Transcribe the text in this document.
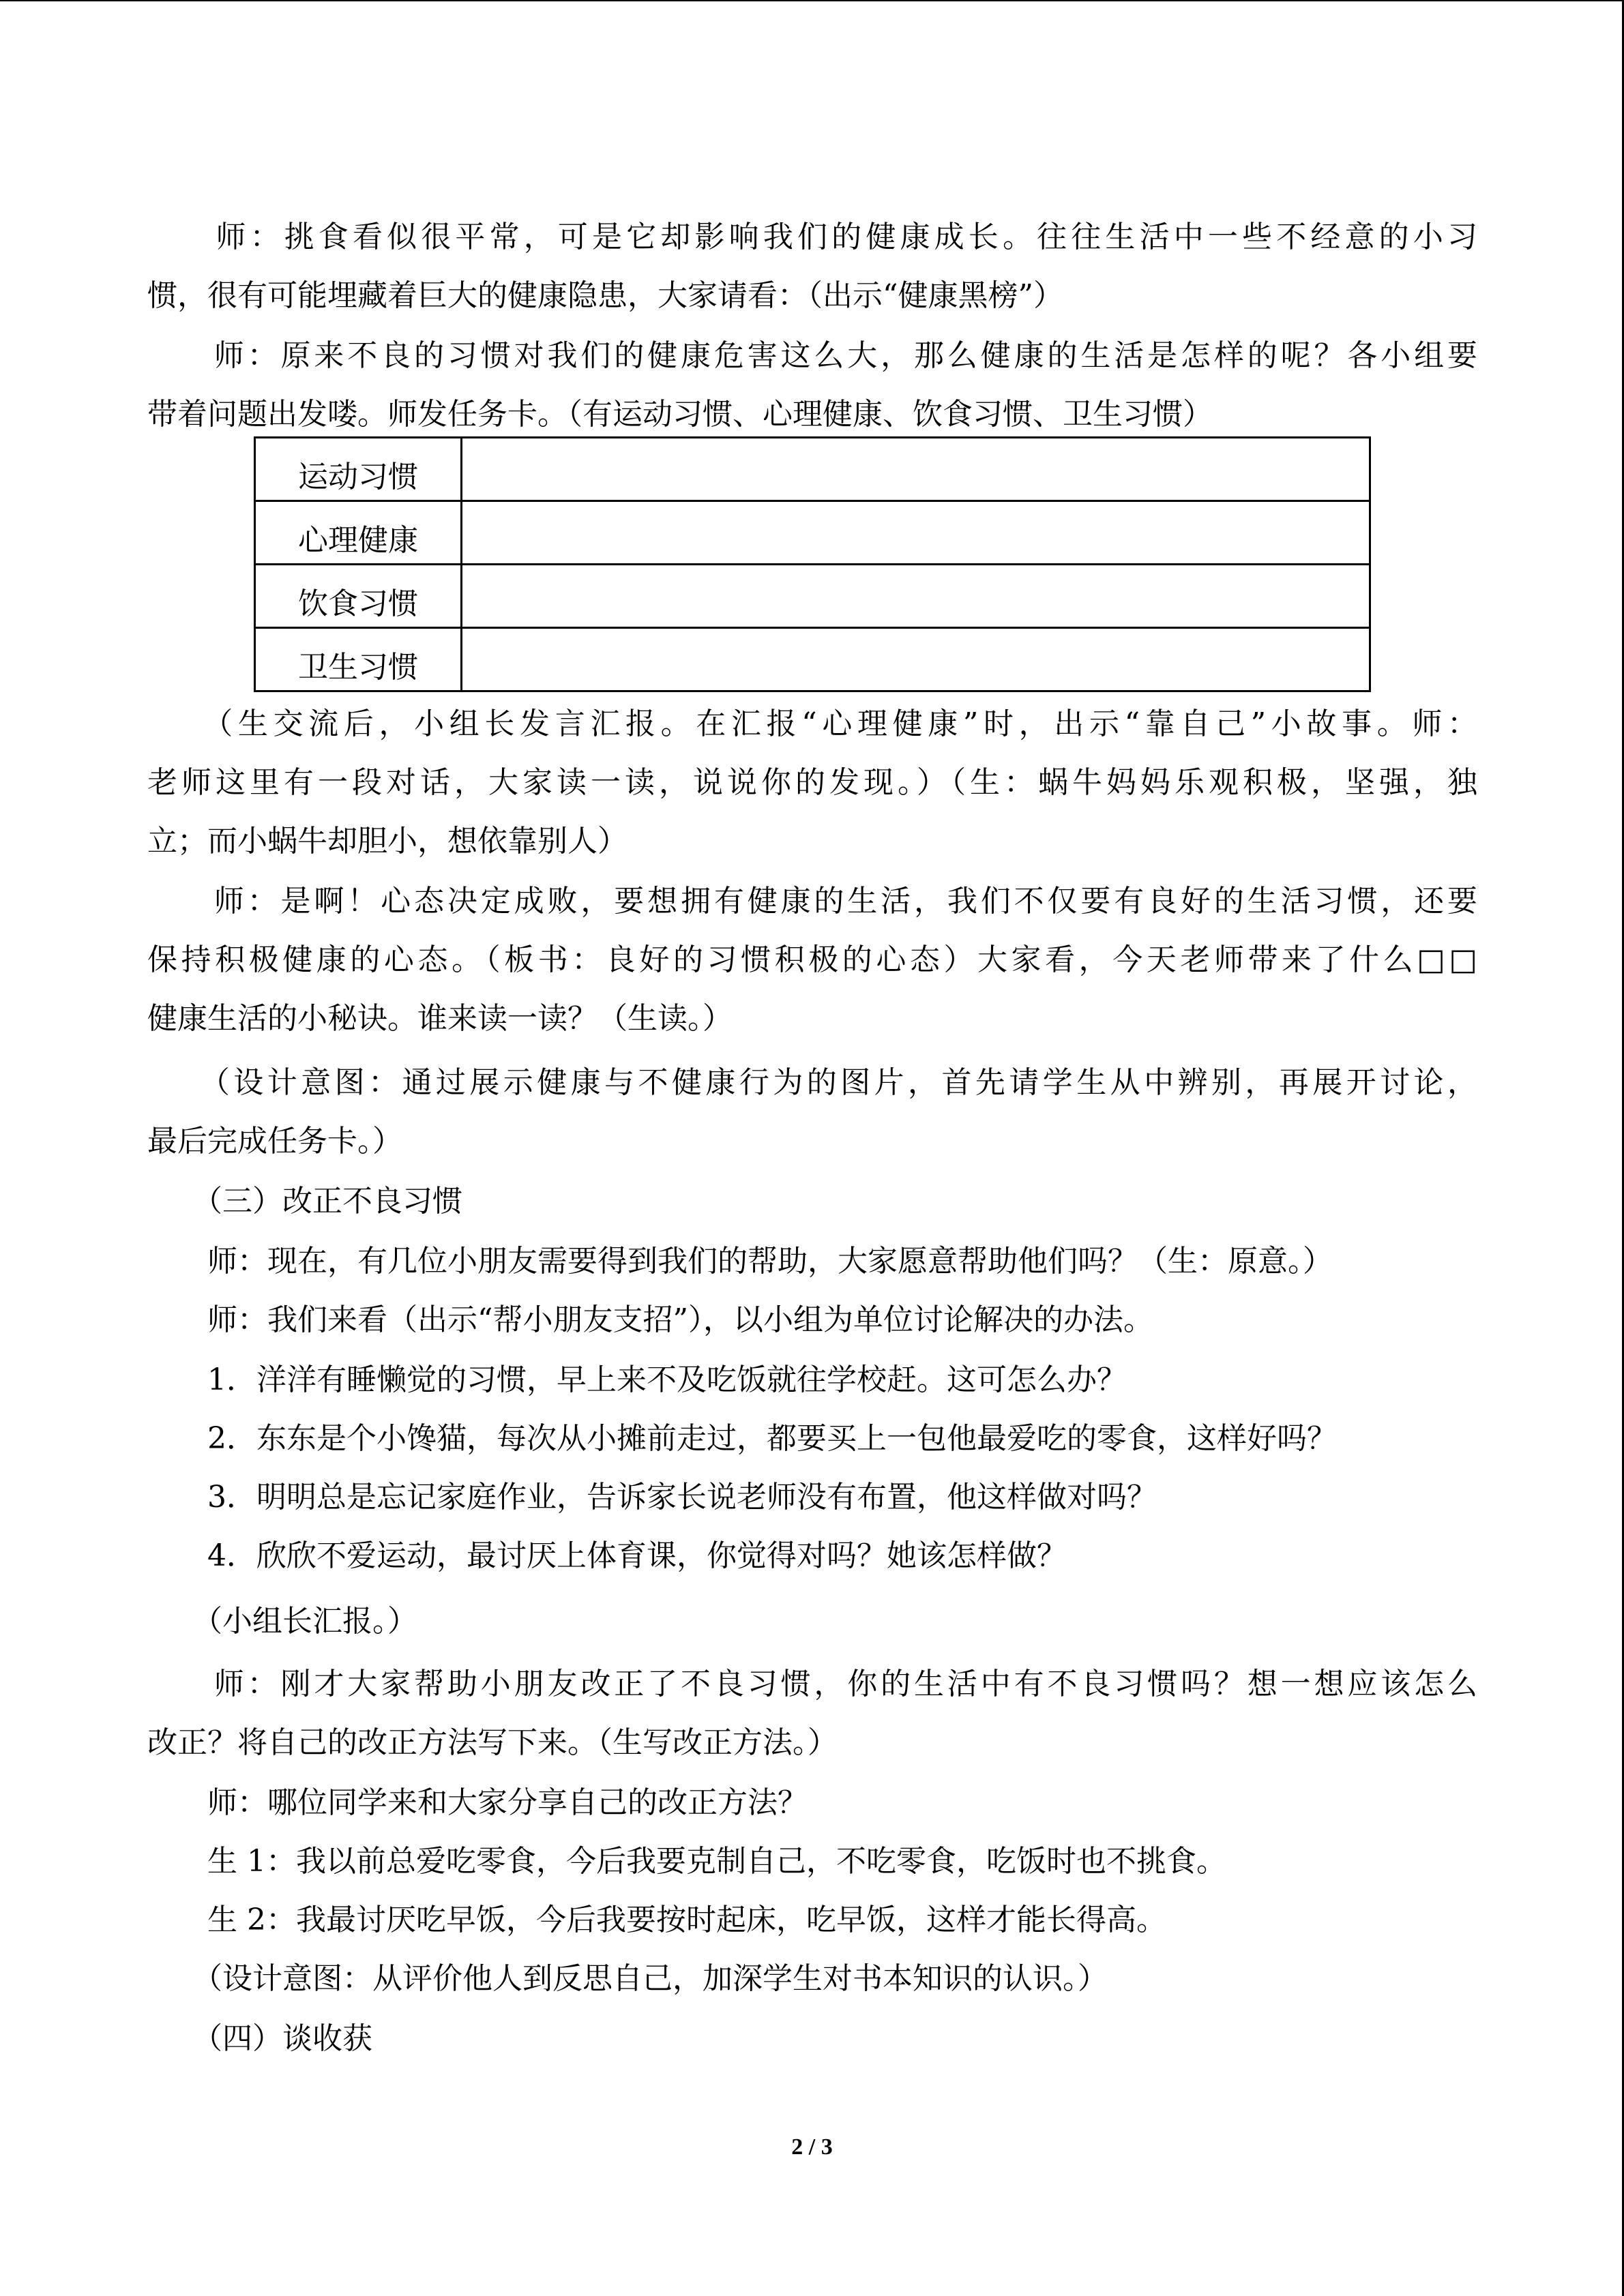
　　师：挑食看似很平常，可是它却影响我们的健康成长。往往生活中一些不经意的小习
惯，很有可能埋藏着巨大的健康隐患，大家请看：（出示“健康黑榜”）
　　师：原来不良的习惯对我们的健康危害这么大，那么健康的生活是怎样的呢？各小组要
带着问题出发喽。师发任务卡。（有运动习惯、心理健康、饮食习惯、卫生习惯）
运动习惯	
心理健康	
饮食习惯	
卫生习惯	
　　（生交流后，小组长发言汇报。在汇报“心理健康”时，出示“靠自己”小故事。师：
老师这里有一段对话，大家读一读，说说你的发现。）（生：蜗牛妈妈乐观积极，坚强，独
立；而小蜗牛却胆小，想依靠别人）
　　师：是啊！心态决定成败，要想拥有健康的生活，我们不仅要有良好的生活习惯，还要
保持积极健康的心态。（板书：良好的习惯积极的心态）大家看，今天老师带来了什么□□
健康生活的小秘诀。谁来读一读？（生读。）
　　（设计意图：通过展示健康与不健康行为的图片，首先请学生从中辨别，再展开讨论，
最后完成任务卡。）
　　（三）改正不良习惯
　　师：现在，有几位小朋友需要得到我们的帮助，大家愿意帮助他们吗？（生：原意。）
　　师：我们来看（出示“帮小朋友支招”），以小组为单位讨论解决的办法。
　　1．洋洋有睡懒觉的习惯，早上来不及吃饭就往学校赶。这可怎么办？
　　2．东东是个小馋猫，每次从小摊前走过，都要买上一包他最爱吃的零食，这样好吗？
　　3．明明总是忘记家庭作业，告诉家长说老师没有布置，他这样做对吗？
　　4．欣欣不爱运动，最讨厌上体育课，你觉得对吗？她该怎样做？
　　（小组长汇报。）
　　师：刚才大家帮助小朋友改正了不良习惯，你的生活中有不良习惯吗？想一想应该怎么
改正？将自己的改正方法写下来。（生写改正方法。）
　　师：哪位同学来和大家分享自己的改正方法？
　　生 1：我以前总爱吃零食，今后我要克制自己，不吃零食，吃饭时也不挑食。
　　生 2：我最讨厌吃早饭，今后我要按时起床，吃早饭，这样才能长得高。
　　（设计意图：从评价他人到反思自己，加深学生对书本知识的认识。）
　　（四）谈收获
2 / 3
